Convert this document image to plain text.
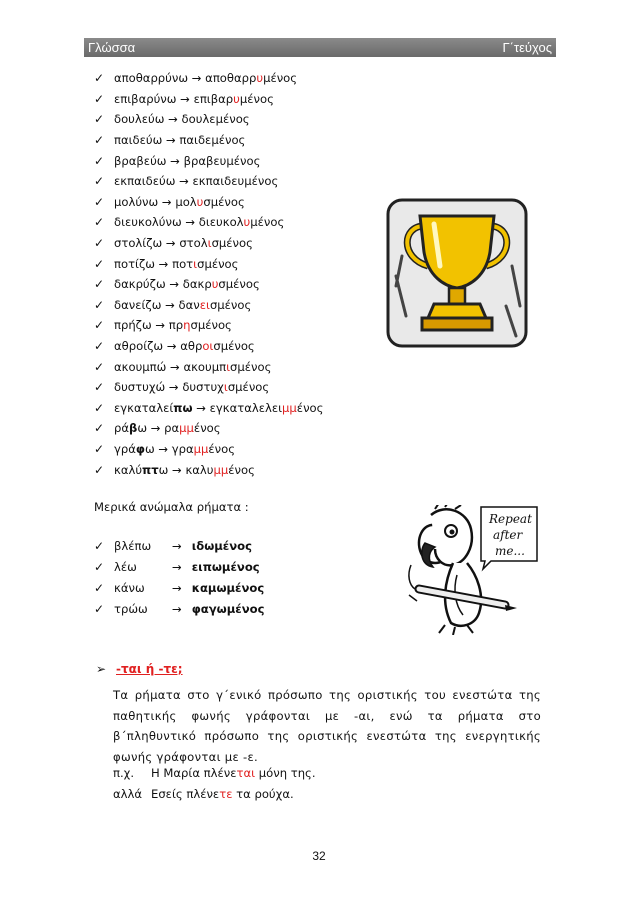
Γλώσσα	Γ΄τεύχος
✓ αποθαρρύνω → αποθαρρ υ μένος
✓ επιβαρύνω → επιβαρ υ μένος
✓ δουλεύω → δουλεμένος
✓ παιδεύω → παιδεμένος
✓ βραβεύω → βραβευμένος
✓ εκπαιδεύω → εκπαιδευμένος
✓ μολύνω → μολ υ σμένος
✓ διευκολύνω → διευκολ υ μένος
✓ στολίζω → στολ ι σμένος
✓ ποτίζω → ποτ ι σμένος
✓ δακρύζω → δακρ υ σμένος
✓ δανείζω → δαν ει σμένος
✓ πρήζω → πρ η σμένος
✓ αθροίζω → αθρ οι σμένος
✓ ακουμπώ → ακουμπ ι σμένος
✓ δυστυχώ → δυστυχ ι σμένος
✓ εγκαταλεί πω → εγκαταλελει μμ ένος
✓ ρά β ω → ρα μμ ένος
✓ γρά φ ω → γρα μμ ένος
✓ καλύ πτ ω → καλυ μμ ένος
Μερικά ανώμαλα ρήματα :
✓ βλέπω	→ ιδωμένος
✓ λέω	→ ειπωμένος
✓ κάνω	→ καμωμένος
✓ τρώω	→ φαγωμένος
Repeat
after
me...
➢ -ται ή -τε;
Τα ρήματα στο γ΄ενικό πρόσωπο της οριστικής του ενεστώτα της παθητικής φωνής γράφονται με -αι, ενώ τα ρήματα στο β΄πληθυντικό πρόσωπο της οριστικής ενεστώτα της ενεργητικής φωνής γράφονται με -ε.
π.χ. Η Μαρία πλένεται μόνη της.
αλλά Εσείς πλένετε τα ρούχα.
32
